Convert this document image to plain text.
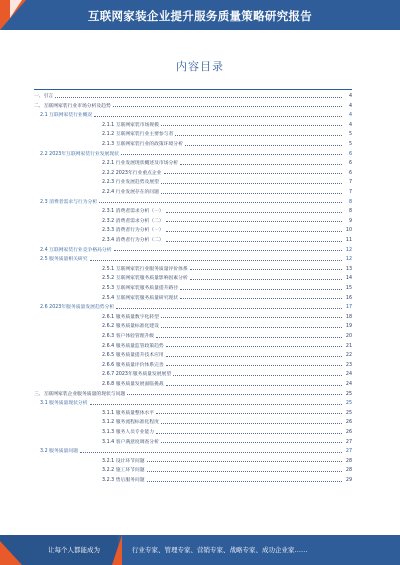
互联网家装企业提升服务质量策略研究报告
内容目录
一、引言	4
二、互联网家装行业市场分析及趋势	4
2.1 互联网家装行业概况	4
2.1.1 互联网家装市场规模	4
2.1.2 互联网家装行业主要参与者	5
2.1.3 互联网家装行业的政策环境分析	5
2.2 2023年互联网家装行业发展现状	6
2.2.1 行业发展现状概述及市场分析	6
2.2.2 2023年行业重点企业	6
2.2.3 行业发展趋势及展望	7
2.2.4 行业发展存在的问题	7
2.3 消费者需求与行为分析	8
2.3.1 消费者需求分析（一）	8
2.3.2 消费者需求分析（二）	9
2.3.3 消费者行为分析（一）	10
2.3.4 消费者行为分析（二）	11
2.4 互联网家装行业竞争格局分析	12
2.5 服务质量相关研究	12
2.5.1 互联网家装行业服务质量评价体系	13
2.5.2 互联网家装服务质量影响因素分析	14
2.5.3 互联网家装服务质量提升路径	15
2.5.4 互联网家装服务质量研究现状	16
2.6 2023年服务质量发展趋势分析	17
2.6.1 服务质量数字化转型	18
2.6.2 服务质量标准化建设	19
2.6.3 客户体验管理升级	20
2.6.4 服务质量监管政策趋势	21
2.6.5 服务质量提升技术应用	22
2.6.6 服务质量评价体系完善	23
2.6.7 2023年服务质量发展展望	24
2.6.8 服务质量发展面临挑战	24
三、互联网家装企业服务质量的现状与问题	25
3.1 服务质量现状分析	25
3.1.1 服务质量整体水平	25
3.1.2 服务流程标准化程度	26
3.1.3 服务人员专业能力	26
3.1.4 客户满意度调查分析	27
3.2 服务质量问题	27
3.2.1 设计环节问题	28
3.2.2 施工环节问题	28
3.2.3 售后服务问题	29
让每个人都能成为	行业专家、管理专家、营销专家、战略专家、成功企业家……
